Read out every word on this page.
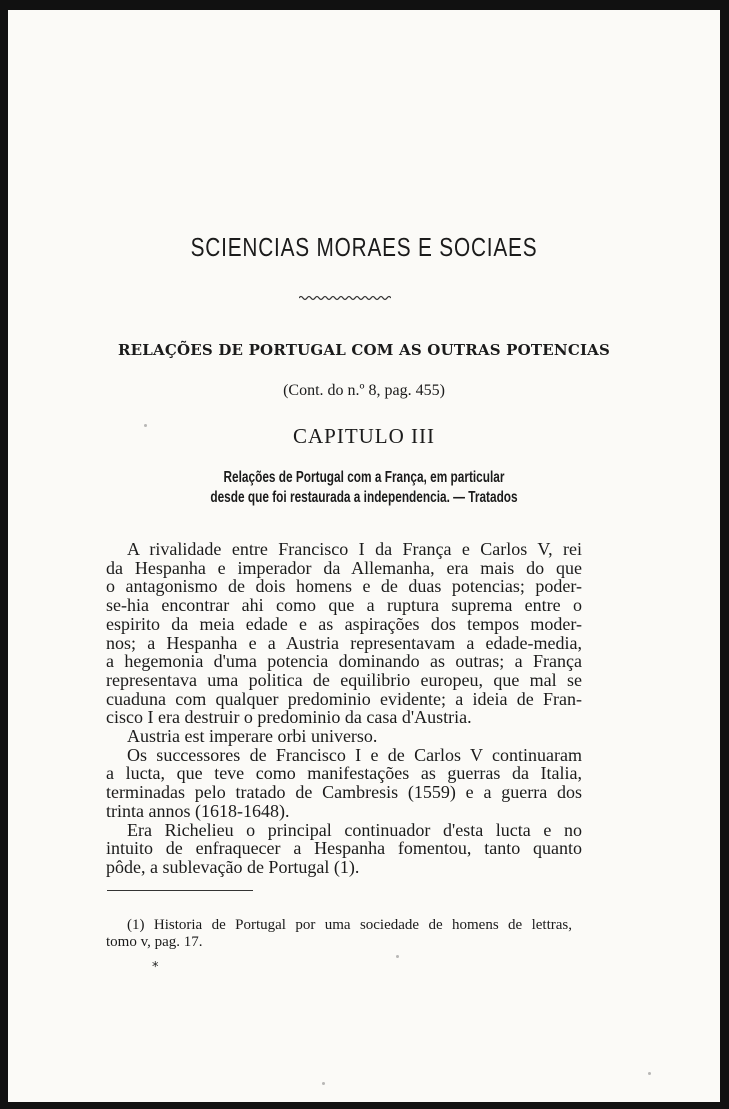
SCIENCIAS MORAES E SOCIAES
RELAÇÕES DE PORTUGAL COM AS OUTRAS POTENCIAS
(Cont. do n.º 8, pag. 455)
CAPITULO III
Relações de Portugal com a França, em particular
desde que foi restaurada a independencia. — Tratados
A rivalidade entre Francisco I da França e Carlos V, rei
da Hespanha e imperador da Allemanha, era mais do que
o antagonismo de dois homens e de duas potencias; poder-
se-hia encontrar ahi como que a ruptura suprema entre o
espirito da meia edade e as aspirações dos tempos moder-
nos; a Hespanha e a Austria representavam a edade-media,
a hegemonia d'uma potencia dominando as outras; a França
representava uma politica de equilibrio europeu, que mal se
cuaduna com qualquer predominio evidente; a ideia de Fran-
cisco I era destruir o predominio da casa d'Austria.
Austria est imperare orbi universo.
Os successores de Francisco I e de Carlos V continuaram
a lucta, que teve como manifestações as guerras da Italia,
terminadas pelo tratado de Cambresis (1559) e a guerra dos
trinta annos (1618-1648).
Era Richelieu o principal continuador d'esta lucta e no
intuito de enfraquecer a Hespanha fomentou, tanto quanto
pôde, a sublevação de Portugal (1).
(1) Historia de Portugal por uma sociedade de homens de lettras,
tomo v, pag. 17.
*
